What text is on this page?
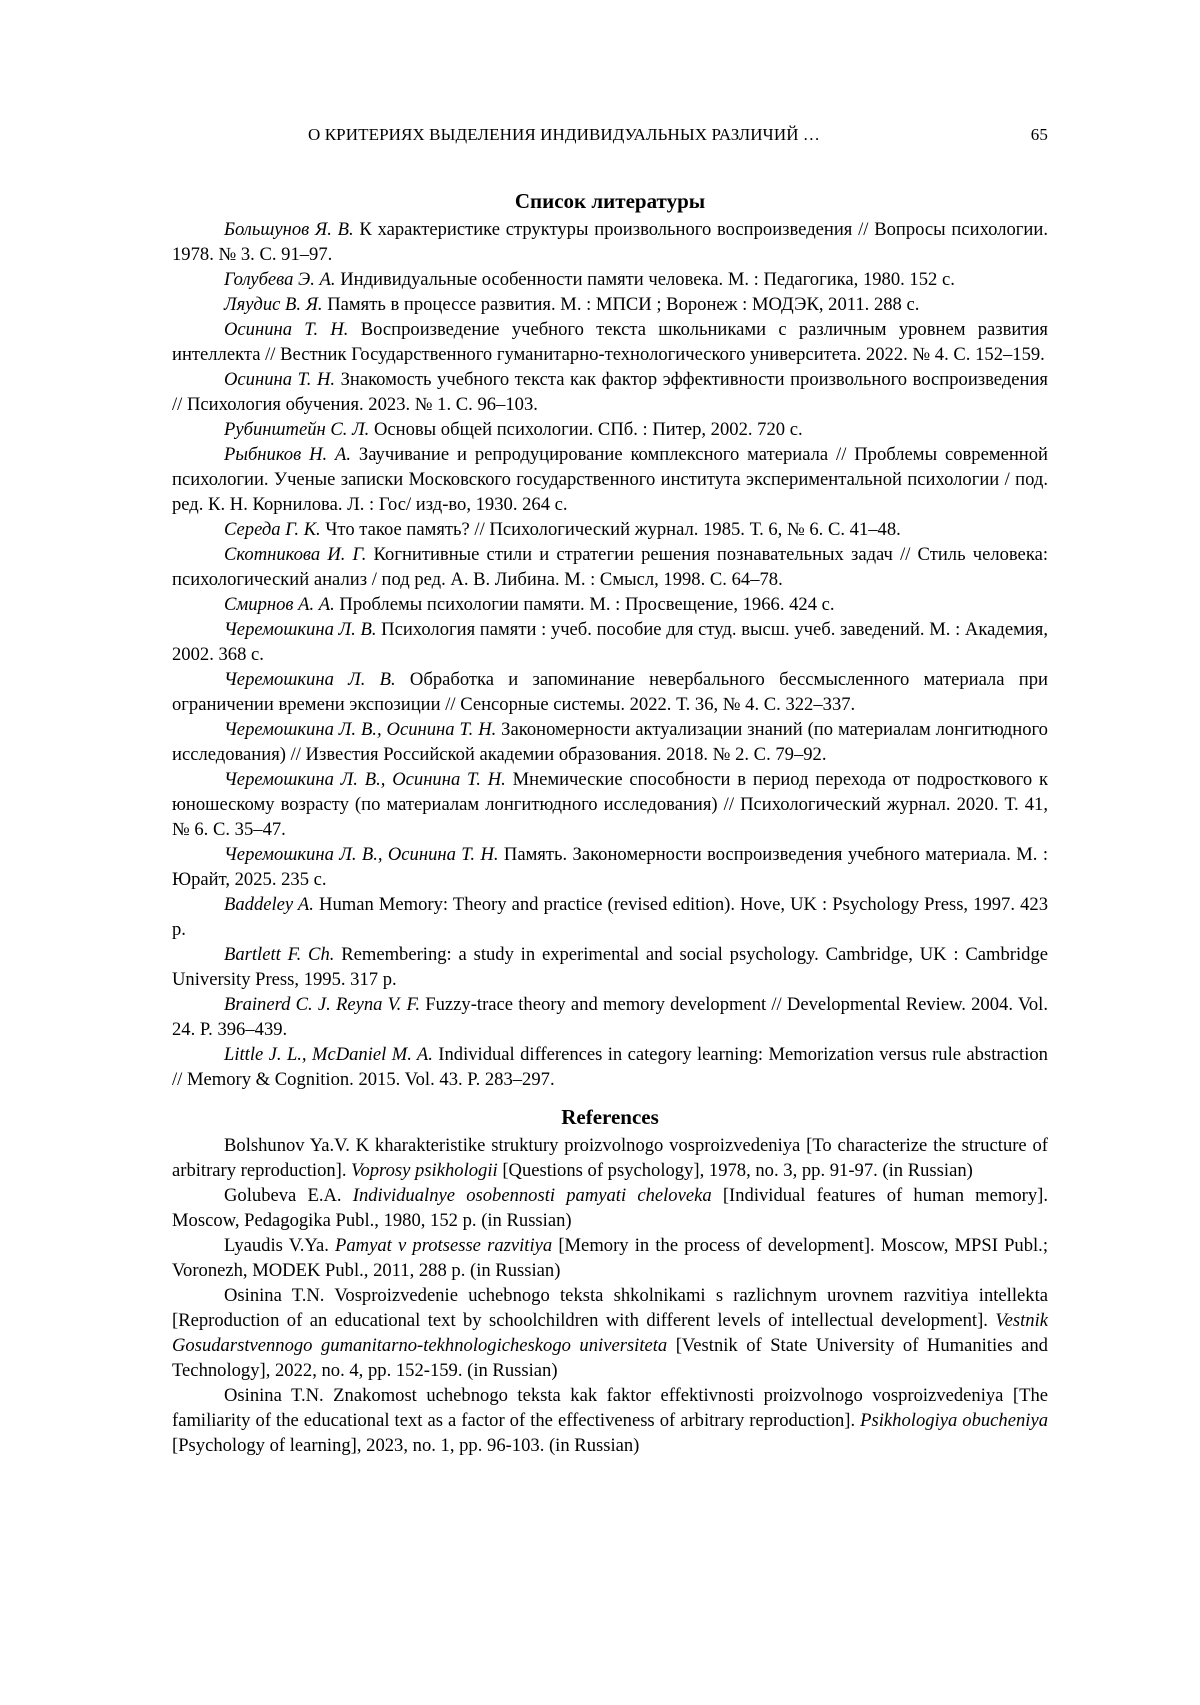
О КРИТЕРИЯХ ВЫДЕЛЕНИЯ ИНДИВИДУАЛЬНЫХ РАЗЛИЧИЙ …	65
Список литературы

Большунов Я. В. К характеристике структуры произвольного воспроизведения // Вопросы психологии. 1978. № 3. С. 91–97.

Голубева Э. А. Индивидуальные особенности памяти человека. М. : Педагогика, 1980. 152 с.

Ляудис В. Я. Память в процессе развития. М. : МПСИ ; Воронеж : МОДЭК, 2011. 288 с.

Осинина Т. Н. Воспроизведение учебного текста школьниками с различным уровнем развития интеллекта // Вестник Государственного гуманитарно-технологического университета. 2022. № 4. С. 152–159.

Осинина Т. Н. Знакомость учебного текста как фактор эффективности произвольного воспроизведения // Психология обучения. 2023. № 1. С. 96–103.

Рубинштейн С. Л. Основы общей психологии. СПб. : Питер, 2002. 720 с.

Рыбников Н. А. Заучивание и репродуцирование комплексного материала // Проблемы современной психологии. Ученые записки Московского государственного института экспериментальной психологии / под. ред. К. Н. Корнилова. Л. : Гос/ изд-во, 1930. 264 с.

Середа Г. К. Что такое память? // Психологический журнал. 1985. Т. 6, № 6. С. 41–48.

Скотникова И. Г. Когнитивные стили и стратегии решения познавательных задач // Стиль человека: психологический анализ / под ред. А. В. Либина. М. : Смысл, 1998. С. 64–78.

Смирнов А. А. Проблемы психологии памяти. М. : Просвещение, 1966. 424 с.

Черемошкина Л. В. Психология памяти : учеб. пособие для студ. высш. учеб. заведений. М. : Академия, 2002. 368 с.

Черемошкина Л. В. Обработка и запоминание невербального бессмысленного материала при ограничении времени экспозиции // Сенсорные системы. 2022. Т. 36, № 4. С. 322–337.

Черемошкина Л. В., Осинина Т. Н. Закономерности актуализации знаний (по материалам лонгитюдного исследования) // Известия Российской академии образования. 2018. № 2. С. 79–92.

Черемошкина Л. В., Осинина Т. Н. Мнемические способности в период перехода от подросткового к юношескому возрасту (по материалам лонгитюдного исследования) // Психологический журнал. 2020. Т. 41, № 6. С. 35–47.

Черемошкина Л. В., Осинина Т. Н. Память. Закономерности воспроизведения учебного материала. М. : Юрайт, 2025. 235 с.

Baddeley A. Human Memory: Theory and practice (revised edition). Hove, UK : Psychology Press, 1997. 423 p.

Bartlett F. Ch. Remembering: a study in experimental and social psychology. Cambridge, UK : Cambridge University Press, 1995. 317 p.

Brainerd C. J. Reyna V. F. Fuzzy-trace theory and memory development // Developmental Review. 2004. Vol. 24. P. 396–439.

Little J. L., McDaniel M. A. Individual differences in category learning: Memorization versus rule abstraction // Memory & Cognition. 2015. Vol. 43. P. 283–297.

References

Bolshunov Ya.V. K kharakteristike struktury proizvolnogo vosproizvedeniya [To characterize the structure of arbitrary reproduction]. Voprosy psikhologii [Questions of psychology], 1978, no. 3, pp. 91-97. (in Russian)

Golubeva E.A. Individualnye osobennosti pamyati cheloveka [Individual features of human memory]. Moscow, Pedagogika Publ., 1980, 152 p. (in Russian)

Lyaudis V.Ya. Pamyat v protsesse razvitiya [Memory in the process of development]. Moscow, MPSI Publ.; Voronezh, MODEK Publ., 2011, 288 p. (in Russian)

Osinina T.N. Vosproizvedenie uchebnogo teksta shkolnikami s razlichnym urovnem razvitiya intellekta [Reproduction of an educational text by schoolchildren with different levels of intellectual development]. Vestnik Gosudarstvennogo gumanitarno-tekhnologicheskogo universiteta [Vestnik of State University of Humanities and Technology], 2022, no. 4, pp. 152-159. (in Russian)

Osinina T.N. Znakomost uchebnogo teksta kak faktor effektivnosti proizvolnogo vosproizvedeniya [The familiarity of the educational text as a factor of the effectiveness of arbitrary reproduction]. Psikhologiya obucheniya [Psychology of learning], 2023, no. 1, pp. 96-103. (in Russian)
